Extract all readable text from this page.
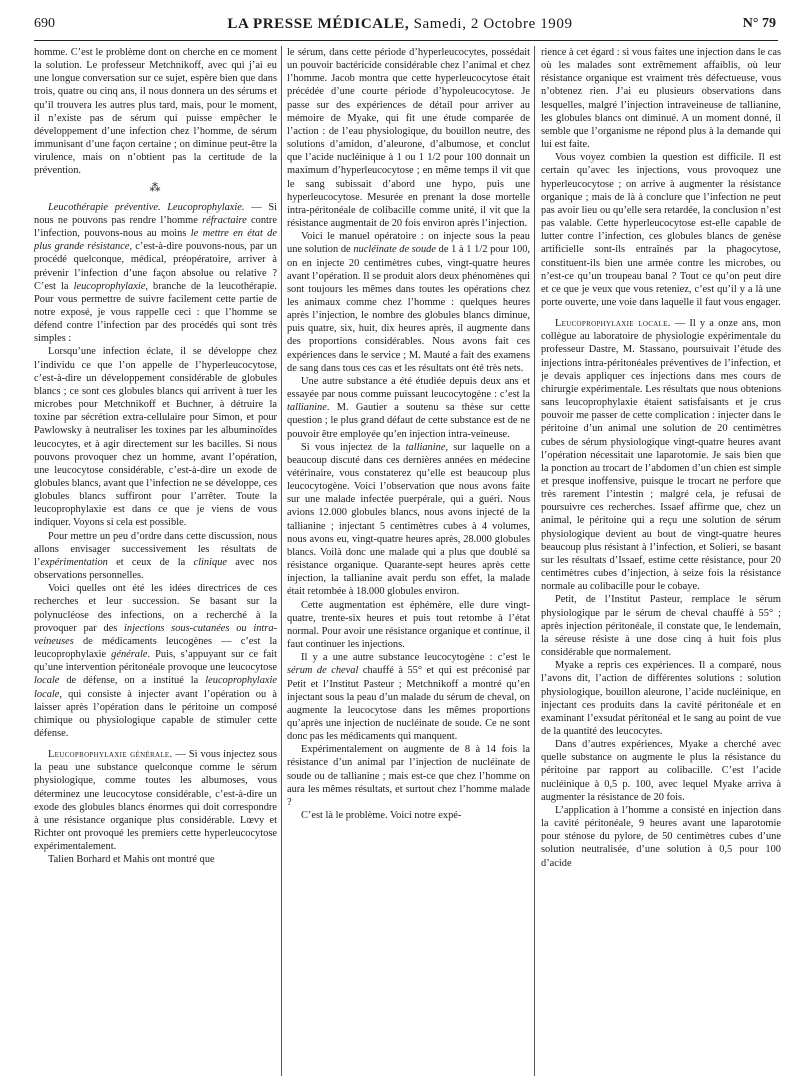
690	LA PRESSE MÉDICALE, Samedi, 2 Octobre 1909	N° 79

homme. C’est le problème dont on cherche en ce moment la solution. Le professeur Metchnikoff, avec qui j’ai eu une longue conversation sur ce sujet, espère bien que dans trois, quatre ou cinq ans, il nous donnera un des sérums et qu’il trouvera les autres plus tard, mais, pour le moment, il n’existe pas de sérum qui puisse empêcher le développement d’une infection chez l’homme, de sérum immunisant d’une façon certaine ; on diminue peut-être la virulence, mais on n’obtient pas la certitude de la prévention.

⁂

Leucothérapie préventive. Leucoprophylaxie. — Si nous ne pouvons pas rendre l’homme réfractaire contre l’infection, pouvons-nous au moins le mettre en état de plus grande résistance, c’est-à-dire pouvons-nous, par un procédé quelconque, médical, préopératoire, arriver à prévenir l’infection d’une façon absolue ou relative ? C’est la leucoprophylaxie, branche de la leucothérapie. Pour vous permettre de suivre facilement cette partie de notre exposé, je vous rappelle ceci : que l’homme se défend contre l’infection par des procédés qui sont très simples :

Lorsqu’une infection éclate, il se développe chez l’individu ce que l’on appelle de l’hyperleucocytose, c’est-à-dire un développement considérable de globules blancs ; ce sont ces globules blancs qui arrivent à tuer les microbes pour Metchnikoff et Buchner, à détruire la toxine par sécrétion extra-cellulaire pour Simon, et pour Pawlowsky à neutraliser les toxines par les albuminoïdes leucocytes, et à agir directement sur les bacilles. Si nous pouvons provoquer chez un homme, avant l’opération, une leucocytose considérable, c’est-à-dire un exode de globules blancs, avant que l’infection ne se développe, ces globules blancs suffiront pour l’arrêter. Toute la leucoprophylaxie est dans ce que je viens de vous indiquer. Voyons si cela est possible.

Pour mettre un peu d’ordre dans cette discussion, nous allons envisager successivement les résultats de l’expérimentation et ceux de la clinique avec nos observations personnelles.

Voici quelles ont été les idées directrices de ces recherches et leur succession. Se basant sur la polynucléose des infections, on a recherché à la provoquer par des injections sous-cutanées ou intra-veineuses de médicaments leucogènes — c’est la leucoprophylaxie générale. Puis, s’appuyant sur ce fait qu’une intervention péritonéale provoque une leucocytose locale de défense, on a institué la leucoprophylaxie locale, qui consiste à injecter avant l’opération ou à laisser après l’opération dans le péritoine un composé chimique ou physiologique capable de stimuler cette défense.

Leucoprophylaxie générale. — Si vous injectez sous la peau une substance quelconque comme le sérum physiologique, comme toutes les albumoses, vous déterminez une leucocytose considérable, c’est-à-dire un exode des globules blancs énormes qui doit correspondre à une résistance organique plus considérable. Lœvy et Richter ont provoqué les premiers cette hyperleucocytose expérimentalement.

Talien Borhard et Mahis ont montré que

le sérum, dans cette période d’hyperleucocytes, possédait un pouvoir bactéricide considérable chez l’animal et chez l’homme. Jacob montra que cette hyperleucocytose était précédée d’une courte période d’hypoleucocytose. Je passe sur des expériences de détail pour arriver au mémoire de Myake, qui fit une étude comparée de l’action : de l’eau physiologique, du bouillon neutre, des solutions d’amidon, d’aleurone, d’albumose, et conclut que l’acide nucléinique à 1 ou 1 1/2 pour 100 donnait un maximum d’hyperleucocytose ; en même temps il vit que le sang subissait d’abord une hypo, puis une hyperleucocytose. Mesurée en prenant la dose mortelle intra-péritonéale de colibacille comme unité, il vit que la résistance augmentait de 20 fois environ après l’injection.

Voici le manuel opératoire : on injecte sous la peau une solution de nucléinate de soude de 1 à 1 1/2 pour 100, on en injecte 20 centimètres cubes, vingt-quatre heures avant l’opération. Il se produit alors deux phénomènes qui sont toujours les mêmes dans toutes les opérations chez les animaux comme chez l’homme : quelques heures après l’injection, le nombre des globules blancs diminue, puis quatre, six, huit, dix heures après, il augmente dans des proportions considérables. Nous avons fait ces expériences dans le service ; M. Mauté a fait des examens de sang dans tous ces cas et les résultats ont été très nets.

Une autre substance a été étudiée depuis deux ans et essayée par nous comme puissant leucocytogène : c’est la tallianine. M. Gautier a soutenu sa thèse sur cette question ; le plus grand défaut de cette substance est de ne pouvoir être employée qu’en injection intra-veineuse.

Si vous injectez de la tallianine, sur laquelle on a beaucoup discuté dans ces dernières années en médecine vétérinaire, vous constaterez qu’elle est beaucoup plus leucocytogène. Voici l’observation que nous avons faite sur une malade infectée puerpérale, qui a guéri. Nous avions 12.000 globules blancs, nous avons injecté de la tallianine ; injectant 5 centimètres cubes à 4 volumes, nous avons eu, vingt-quatre heures après, 28.000 globules blancs. Voilà donc une malade qui a plus que doublé sa résistance organique. Quarante-sept heures après cette injection, la tallianine avait perdu son effet, la malade était retombée à 18.000 globules environ.

Cette augmentation est éphémère, elle dure vingt-quatre, trente-six heures et puis tout retombe à l’état normal. Pour avoir une résistance organique et continue, il faut continuer les injections.

Il y a une autre substance leucocytogène : c’est le sérum de cheval chauffé à 55° et qui est préconisé par Petit et l’Institut Pasteur ; Metchnikoff a montré qu’en injectant sous la peau d’un malade du sérum de cheval, on augmente la leucocytose dans les mêmes proportions qu’après une injection de nucléinate de soude. Ce ne sont donc pas les médicaments qui manquent.

Expérimentalement on augmente de 8 à 14 fois la résistance d’un animal par l’injection de nucléinate de soude ou de tallianine ; mais est-ce que chez l’homme on aura les mêmes résultats, et surtout chez l’homme malade ?

C’est là le problème. Voici notre expé-

rience à cet égard : si vous faites une injection dans le cas où les malades sont extrêmement affaiblis, où leur résistance organique est vraiment très défectueuse, vous n’obtenez rien. J’ai eu plusieurs observations dans lesquelles, malgré l’injection intraveineuse de tallianine, les globules blancs ont diminué. A un moment donné, il semble que l’organisme ne répond plus à la demande qui lui est faite.

Vous voyez combien la question est difficile. Il est certain qu’avec les injections, vous provoquez une hyperleucocytose ; on arrive à augmenter la résistance organique ; mais de là à conclure que l’infection ne peut pas avoir lieu ou qu’elle sera retardée, la conclusion n’est pas valable. Cette hyperleucocytose est-elle capable de lutter contre l’infection, ces globules blancs de genèse artificielle sont-ils entraînés par la phagocytose, constituent-ils bien une armée contre les microbes, ou n’est-ce qu’un troupeau banal ? Tout ce qu’on peut dire et ce que je veux que vous reteniez, c’est qu’il y a là une porte ouverte, une voie dans laquelle il faut vous engager.

Leucoprophylaxie locale. — Il y a onze ans, mon collègue au laboratoire de physiologie expérimentale du professeur Dastre, M. Stassano, poursuivait l’étude des injections intra-péritonéales préventives de l’infection, et je devais appliquer ces injections dans mes cours de chirurgie expérimentale. Les résultats que nous obtenions sans leucoprophylaxie étaient satisfaisants et je crus pouvoir me passer de cette complication : injecter dans le péritoine d’un animal une solution de 20 centimètres cubes de sérum physiologique vingt-quatre heures avant l’opération nécessitait une laparotomie. Je sais bien que la ponction au trocart de l’abdomen d’un chien est simple et presque inoffensive, puisque le trocart ne perfore que très rarement l’intestin ; malgré cela, je refusai de poursuivre ces recherches. Issaef affirme que, chez un animal, le péritoine qui a reçu une solution de sérum physiologique devient au bout de vingt-quatre heures beaucoup plus résistant à l’infection, et Solieri, se basant sur les résultats d’Issaef, estime cette résistance, pour 20 centimètres cubes d’injection, à seize fois la résistance normale au colibacille pour le cobaye.

Petit, de l’Institut Pasteur, remplace le sérum physiologique par le sérum de cheval chauffé à 55° ; après injection péritonéale, il constate que, le lendemain, la séreuse résiste à une dose cinq à huit fois plus considérable que normalement.

Myake a repris ces expériences. Il a comparé, nous l’avons dit, l’action de différentes solutions : solution physiologique, bouillon aleurone, l’acide nucléinique, en injectant ces produits dans la cavité péritonéale et en examinant l’exsudat péritonéal et le sang au point de vue de la quantité des leucocytes.

Dans d’autres expériences, Myake a cherché avec quelle substance on augmente le plus la résistance du péritoine par rapport au colibacille. C’est l’acide nucléinique à 0,5 p. 100, avec lequel Myake arriva à augmenter la résistance de 20 fois.

L’application à l’homme a consisté en injection dans la cavité péritonéale, 9 heures avant une laparotomie pour sténose du pylore, de 50 centimètres cubes d’une solution neutralisée, d’une solution à 0,5 pour 100 d’acide
